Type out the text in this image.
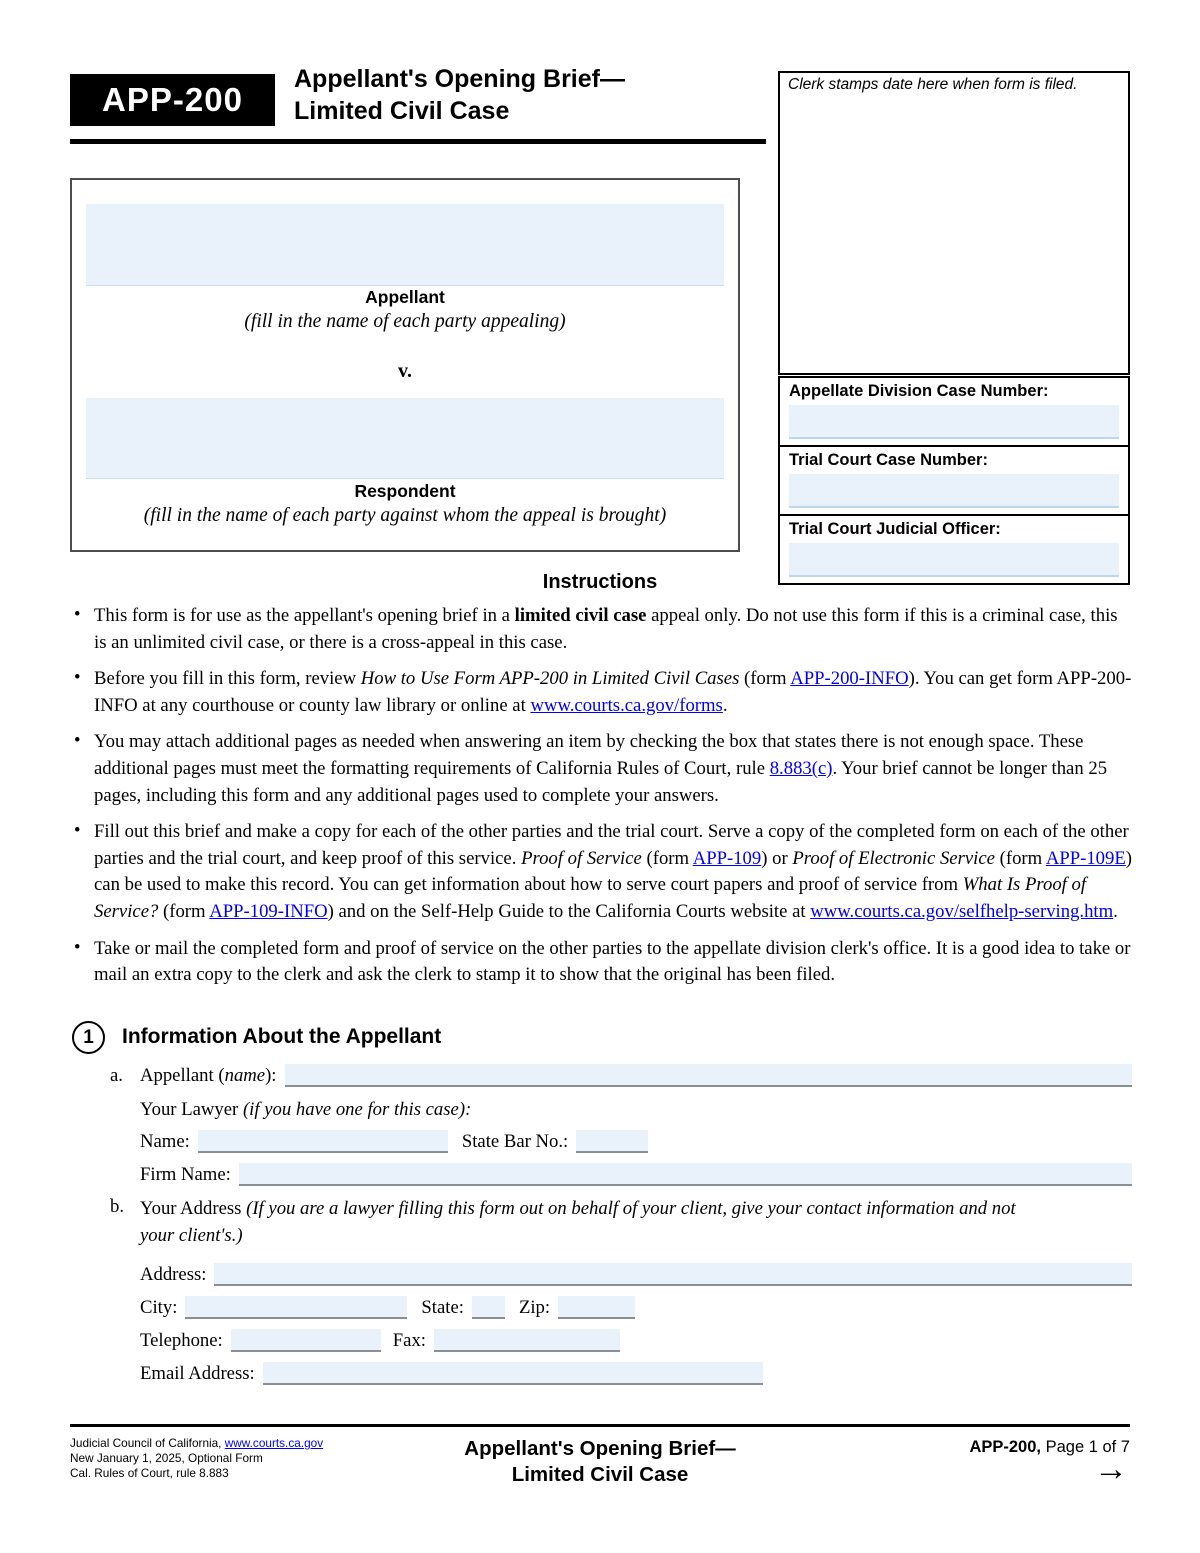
APP-200
Appellant's Opening Brief—
Limited Civil Case
Clerk stamps date here when form is filed.
Appellant
(fill in the name of each party appealing)
v.
Respondent
(fill in the name of each party against whom the appeal is brought)
Appellate Division Case Number:
Trial Court Case Number:
Trial Court Judicial Officer:
Instructions
• This form is for use as the appellant's opening brief in a limited civil case appeal only. Do not use this form if this is a criminal case, this is an unlimited civil case, or there is a cross-appeal in this case.
• Before you fill in this form, review How to Use Form APP-200 in Limited Civil Cases (form APP-200-INFO). You can get form APP-200-INFO at any courthouse or county law library or online at www.courts.ca.gov/forms.
• You may attach additional pages as needed when answering an item by checking the box that states there is not enough space. These additional pages must meet the formatting requirements of California Rules of Court, rule 8.883(c). Your brief cannot be longer than 25 pages, including this form and any additional pages used to complete your answers.
• Fill out this brief and make a copy for each of the other parties and the trial court. Serve a copy of the completed form on each of the other parties and the trial court, and keep proof of this service. Proof of Service (form APP-109) or Proof of Electronic Service (form APP-109E) can be used to make this record. You can get information about how to serve court papers and proof of service from What Is Proof of Service? (form APP-109-INFO) and on the Self-Help Guide to the California Courts website at www.courts.ca.gov/selfhelp-serving.htm.
• Take or mail the completed form and proof of service on the other parties to the appellate division clerk's office. It is a good idea to take or mail an extra copy to the clerk and ask the clerk to stamp it to show that the original has been filed.
1 Information About the Appellant
a. Appellant (name):
Your Lawyer (if you have one for this case):
Name:	State Bar No.:
Firm Name:
b. Your Address (If you are a lawyer filling this form out on behalf of your client, give your contact information and not your client's.)

Address:
City:	State:	Zip:
Telephone:	Fax:
Email Address:
Judicial Council of California, www.courts.ca.gov
New January 1, 2025, Optional Form
Cal. Rules of Court, rule 8.883
Appellant's Opening Brief—
Limited Civil Case
APP-200, Page 1 of 7
→
